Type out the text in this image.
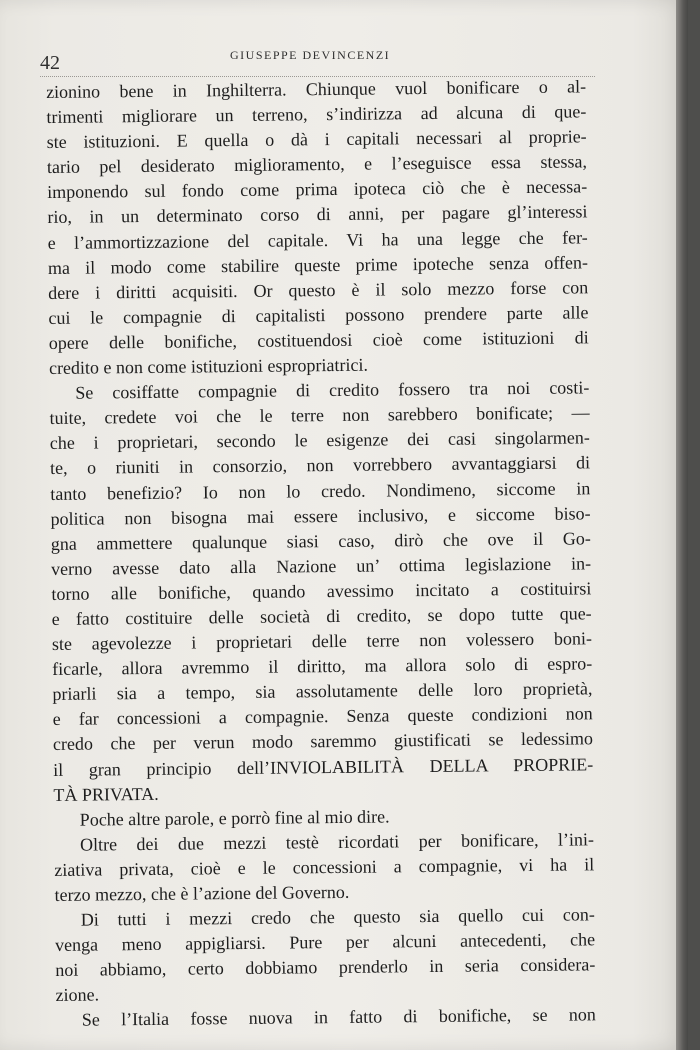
42	GIUSEPPE DEVINCENZI
zionino bene in Inghilterra. Chiunque vuol bonificare o al-
trimenti migliorare un terreno, s’indirizza ad alcuna di que-
ste istituzioni. E quella o dà i capitali necessari al proprie-
tario pel desiderato miglioramento, e l’eseguisce essa stessa,
imponendo sul fondo come prima ipoteca ciò che è necessa-
rio, in un determinato corso di anni, per pagare gl’interessi
e l’ammortizzazione del capitale. Vi ha una legge che fer-
ma il modo come stabilire queste prime ipoteche senza offen-
dere i diritti acquisiti. Or questo è il solo mezzo forse con
cui le compagnie di capitalisti possono prendere parte alle
opere delle bonifiche, costituendosi cioè come istituzioni di
credito e non come istituzioni espropriatrici.
Se cosiffatte compagnie di credito fossero tra noi costi-
tuite, credete voi che le terre non sarebbero bonificate; —
che i proprietari, secondo le esigenze dei casi singolarmen-
te, o riuniti in consorzio, non vorrebbero avvantaggiarsi di
tanto benefizio? Io non lo credo. Nondimeno, siccome in
politica non bisogna mai essere inclusivo, e siccome biso-
gna ammettere qualunque siasi caso, dirò che ove il Go-
verno avesse dato alla Nazione un’ ottima legislazione in-
torno alle bonifiche, quando avessimo incitato a costituirsi
e fatto costituire delle società di credito, se dopo tutte que-
ste agevolezze i proprietari delle terre non volessero boni-
ficarle, allora avremmo il diritto, ma allora solo di espro-
priarli sia a tempo, sia assolutamente delle loro proprietà,
e far concessioni a compagnie. Senza queste condizioni non
credo che per verun modo saremmo giustificati se ledessimo
il gran principio dell’INVIOLABILITÀ DELLA PROPRIE-
TÀ PRIVATA.
Poche altre parole, e porrò fine al mio dire.
Oltre dei due mezzi testè ricordati per bonificare, l’ini-
ziativa privata, cioè e le concessioni a compagnie, vi ha il
terzo mezzo, che è l’azione del Governo.
Di tutti i mezzi credo che questo sia quello cui con-
venga meno appigliarsi. Pure per alcuni antecedenti, che
noi abbiamo, certo dobbiamo prenderlo in seria considera-
zione.
Se l’Italia fosse nuova in fatto di bonifiche, se non
